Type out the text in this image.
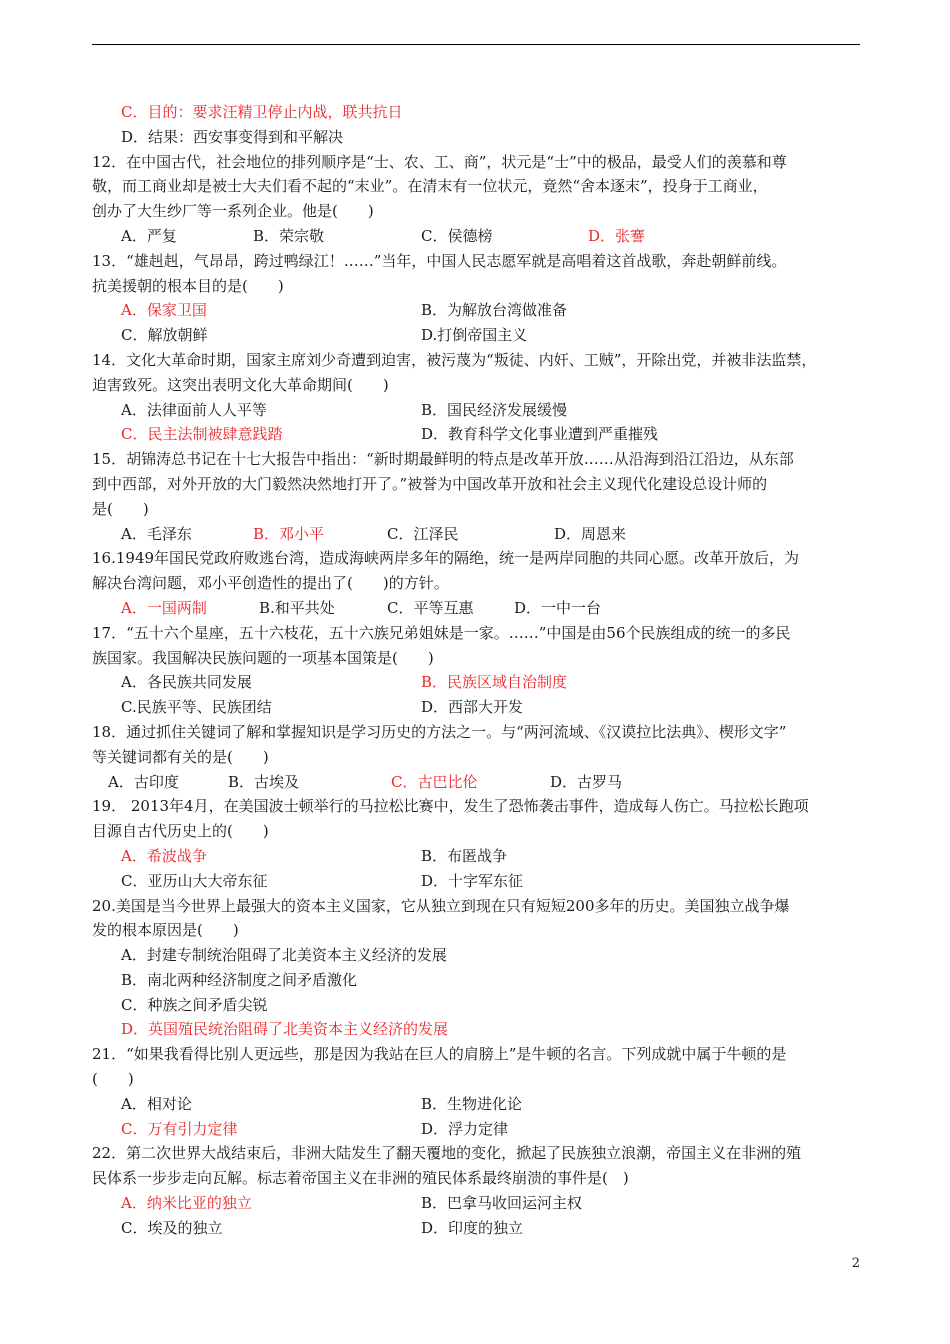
C．目的：要求汪精卫停止内战，联共抗日
D．结果：西安事变得到和平解决
12．在中国古代，社会地位的排列顺序是“士、农、工、商”，状元是“士”中的极品，最受人们的羡慕和尊
敬，而工商业却是被士大夫们看不起的“末业”。在清末有一位状元，竟然“舍本逐末”，投身于工商业，
创办了大生纱厂等一系列企业。他是(　　)
A．严复	B．荣宗敬	C．侯德榜	D．张謇
13．“雄赳赳，气昂昂，跨过鸭绿江！……”当年，中国人民志愿军就是高唱着这首战歌，奔赴朝鲜前线。
抗美援朝的根本目的是(　　)
A．保家卫国	B．为解放台湾做准备
C．解放朝鲜	D.打倒帝国主义
14．文化大革命时期，国家主席刘少奇遭到迫害，被污蔑为“叛徒、内奸、工贼”，开除出党，并被非法监禁，
迫害致死。这突出表明文化大革命期间(　　)
A．法律面前人人平等	B．国民经济发展缓慢
C．民主法制被肆意践踏	D．教育科学文化事业遭到严重摧残
15．胡锦涛总书记在十七大报告中指出：“新时期最鲜明的特点是改革开放……从沿海到沿江沿边，从东部
到中西部，对外开放的大门毅然决然地打开了。”被誉为中国改革开放和社会主义现代化建设总设计师的
是(　　)
A．毛泽东	B．邓小平	C．江泽民	D．周恩来
16.1949年国民党政府败逃台湾，造成海峡两岸多年的隔绝，统一是两岸同胞的共同心愿。改革开放后，为
解决台湾问题，邓小平创造性的提出了(　　)的方针。
A．一国两制	B.和平共处	C．平等互惠	D．一中一台
17．“五十六个星座，五十六枝花，五十六族兄弟姐妹是一家。……”中国是由56个民族组成的统一的多民
族国家。我国解决民族问题的一项基本国策是(　　)
A．各民族共同发展	B．民族区域自治制度
C.民族平等、民族团结	D．西部大开发
18．通过抓住关键词了解和掌握知识是学习历史的方法之一。与“两河流域、《汉谟拉比法典》、楔形文字”
等关键词都有关的是(　　)
A．古印度	B．古埃及	C．古巴比伦	D．古罗马
19． 2013年4月，在美国波士顿举行的马拉松比赛中，发生了恐怖袭击事件，造成每人伤亡。马拉松长跑项
目源自古代历史上的(　　)
A．希波战争	B．布匿战争
C．亚历山大大帝东征	D．十字军东征
20.美国是当今世界上最强大的资本主义国家，它从独立到现在只有短短200多年的历史。美国独立战争爆
发的根本原因是(　　)
A．封建专制统治阻碍了北美资本主义经济的发展
B．南北两种经济制度之间矛盾激化
C．种族之间矛盾尖锐
D．英国殖民统治阻碍了北美资本主义经济的发展
21．“如果我看得比别人更远些，那是因为我站在巨人的肩膀上”是牛顿的名言。下列成就中属于牛顿的是
(　　)
A．相对论	B．生物进化论
C．万有引力定律	D．浮力定律
22．第二次世界大战结束后，非洲大陆发生了翻天覆地的变化，掀起了民族独立浪潮，帝国主义在非洲的殖
民体系一步步走向瓦解。标志着帝国主义在非洲的殖民体系最终崩溃的事件是(　)
A．纳米比亚的独立	B．巴拿马收回运河主权
C．埃及的独立	D．印度的独立
2
